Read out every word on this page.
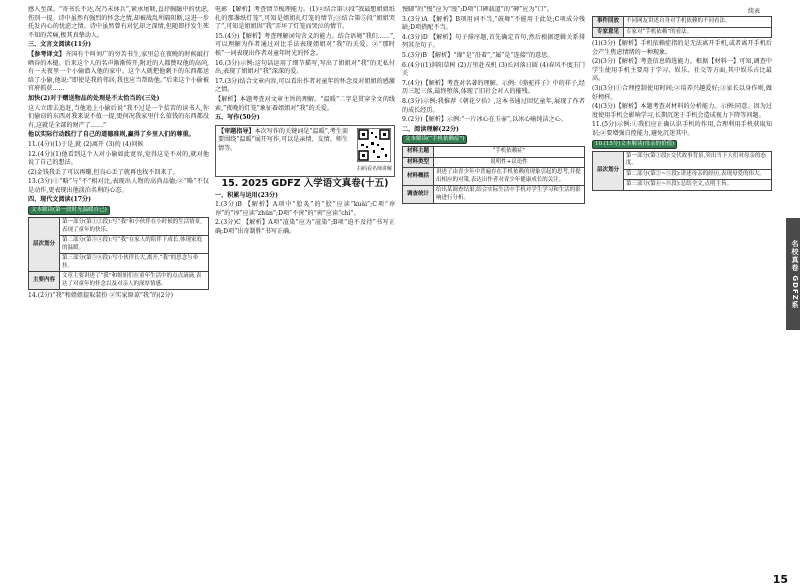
感人至深。“寄书长不达,况乃未休兵”,紧承尾联,直抒胸臆中的忧虑,伤别一提。诗中虽然有强烈的怀念之情,却被战乱所隔阻断,这进一步托发内心的忧虑之情。诗中虽然曾有对忆却之深情,但随即抒发生死不知的苦痛,极其真挚动人。

三、文言文阅读(11分)

【参考译文】齐国有个叫刘广的穷苦书生,家里总在夜晚的时候敲打晒谷的木槌。后来这个人的名声渐渐传开,附近的人都赞叹他的高尚,有一天夜里一个小偷潜入他的家中。这个人就把他剩下的东西都送给了小偷,他说:“即使是我的邻居,我也应当帮助他。”后来这个小偷被官府抓获……

加快(2)对于赠送物品的处理是不太恰当的(三处)

这人立即去追赶,当他追上小偷后说“我不过是一个贫苦的读书人,你们偷窃的东西对我来说不值一提,更何况我家里什么值钱的东西都没有,这就是全部的财产了……”

他以实际行动践行了自己的道德准则,赢得了乡里人们的尊重。

11.(4分)(1)于是,就 (2)离开 (3)的 (4)问候

12.(4分)(1)他看到这个人对小偷如此宽容,觉得这是不对的,就对他说了自己的想法。

(2)金钱我丢了可以再赚,但良心丢了就再也找不回来了。

13.(3分)①“略”与“不”相对比,表现出人物的高尚品德;②“略”不仅是动作,更表现出他淡泊名利的心态。

四、现代文阅读(17分)

文本解读(第一段时光温暖自己)

层次划分	第一部分(第①②段):写“我”和小伙伴在小时候的生活情景,表现了童年的快乐。
	第二部分(第③④段):写“我”在家人的陪伴下成长,体现家庭的温暖。
	第三部分(第⑤⑥段):写小伙伴长大,离开,“我”的思念与牵挂。
主要内容	文章主要讲述了“我”和姐姐们在童年生活中的点点滴滴,表达了对童年的怀念以及对亲人的深厚情感。

14.(2分)“我”和姐姐提取装扮 ②实家原谅“我”的(2分)

电影 【解析】考查情节梳理能力。(1)②结合第③段“我最想姐姐纸扎的那盏纸灯笼”,可知是姐姐扎灯笼的情节;③结合第⑤段“姐姐哭了”,可知是姐姐因“我”弄坏了灯笼而哭泣的情节。

15.(4分)【解析】考查理解词句含义的能力。结合语境“我们……”,可以理解为作者通过对比手法表现姐姐对“我”的关爱。②“那时候”一词表现出作者对童年时光的怀念。

16.(3分)示例:这句话运用了细节描写,写出了姐姐对“我”的无私付出,表现了姐姐对“我”深深的爱。

17.(3分)结合文章内容,可以看出作者对童年的怀念及对姐姐的感激之情。

【解析】本题考查对文章主旨的理解。“温暖”二字是贯穿全文的线索,“夜晚的灯笼”象征着姐姐对“我”的关爱。

五、写作(50分)

扫码看名师讲解
【审题指导】本次写作的关键词是“温暖”,考生需要围绕“温暖”展开写作,可以是亲情、友情、师生情等。
15. 2025 GDFZ 入学语文真卷(十五)

一、积累与运用(23分)

1.(3分)B 【解析】A项中“脍炙”的“脍”应读“kuài”;C项“谆谆”的“谆”应读“zhūn”;D项“不啻”的“啻”应读“chì”。

2.(3分)C 【解析】A项“渲染”应为“渲染”;B项“迫不及待”书写正确;D项“出奇制胜”书写正确。

慢脚”的“慢”应为“漫”;D项“口碑载道”的“碑”应为“口”。

3.(3分)A 【解析】B项用词不当,“鼓舞”不能用于此处;C项成分残缺;D项搭配不当。

4.(3分)D 【解析】句子排序题,首先确定首句,然后根据逻辑关系排列其余句子。

5.(3分)B 【解析】“缘”是“沿着”,“属”是“连接”的意思。

6.(4分)(1)斜阳草树 (2)万里赴戎机 (3)长河落日圆 (4)春风不度玉门关

7.(4分)【解析】考查对名著的理解。示例:《骆驼祥子》中的祥子,经历三起三落,最终堕落,体现了旧社会对人的摧残。

8.(3分)示例:我推荐《朝花夕拾》,这本书通过回忆童年,展现了作者的成长经历。

9.(2分)【解析】示例:“一片冰心在玉壶”,以冰心喻纯洁之心。

二、阅读理解(22分)

文本解读(“手机依赖症”)

材料主题	“手机依赖症”
材料类型	说明性+议论性
材料概括	讲述了由青少年中普遍存在手机依赖的现象引起的思考,并提出相应的对策,表达出作者对青少年健康成长的关注。
调查统计	给出某调查结果,结合实际生活中手机对学生学习和生活的影响进行分析。
续表
事件回放	不同网友讲述自身对手机依赖的不同看法。
专家意见	专家对“手机依赖”的看法。

(1)(3分)【解析】手机依赖症指的是无法离开手机,或者离开手机后会产生焦虑情绪的一种现象。

(2)(3分)【解析】考查信息筛选能力。根据【材料一】可知,调查中学生使用手机主要用于学习、娱乐、社交等方面,其中娱乐占比最高。

(3)(3分)①合理控制使用时间;②培养兴趣爱好;③家长以身作则,做好榜样。

(4)(3分)【解析】本题考查对材料的分析能力。示例:同意。因为过度使用手机会影响学习,长期沉迷于手机会造成视力下降等问题。

11.(5分)示例:①我们应正确认识手机的作用,合理利用手机获取知识;②要增强自控能力,避免沉迷其中。

10.(15分)文本解读(母亲的价值)

层次划分	第一部分(第①段):交代故事背景,突出当下人们对母亲的态度。
第二部分(第②~⑤段):讲述母亲的经历,表现母爱的伟大。
第三部分(第⑥~⑧段):总结全文,点明主旨。
名校真卷 GDFZ系
15
